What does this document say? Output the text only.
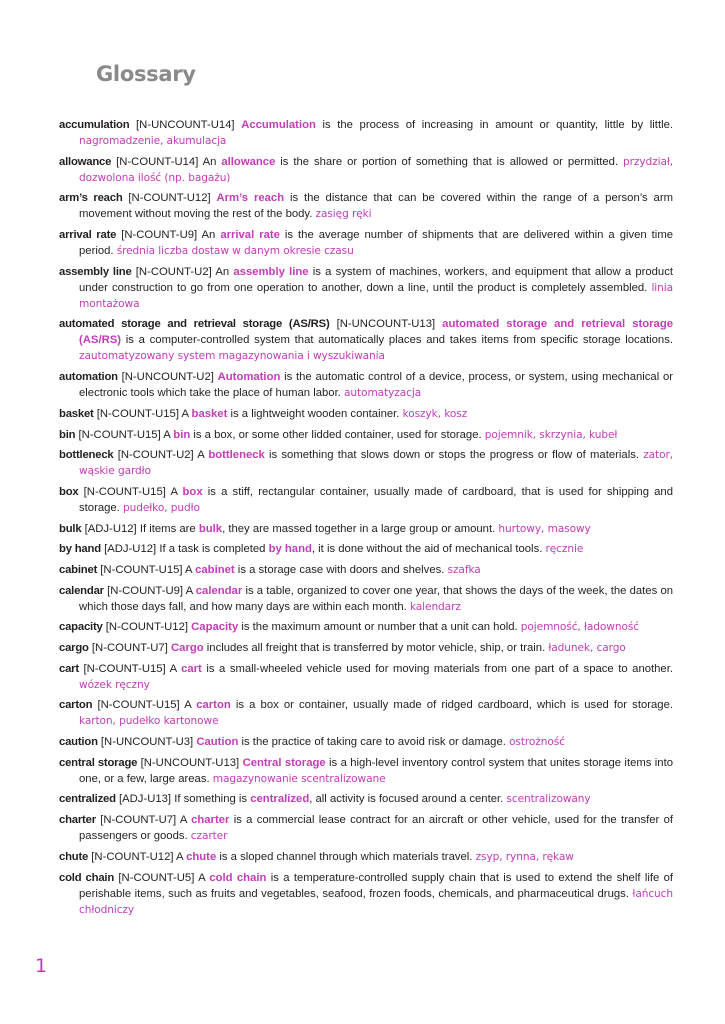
Glossary

accumulation [N-UNCOUNT-U14] Accumulation is the process of increasing in amount or quantity, little by little. nagromadzenie, akumulacja

allowance [N-COUNT-U14] An allowance is the share or portion of something that is allowed or permitted. przydział, dozwolona ilość (np. bagażu)

arm’s reach [N-COUNT-U12] Arm’s reach is the distance that can be covered within the range of a person’s arm movement without moving the rest of the body. zasięg ręki

arrival rate [N-COUNT-U9] An arrival rate is the average number of shipments that are delivered within a given time period. średnia liczba dostaw w danym okresie czasu

assembly line [N-COUNT-U2] An assembly line is a system of machines, workers, and equipment that allow a product under construction to go from one operation to another, down a line, until the product is completely assembled. linia montażowa

automated storage and retrieval storage (AS/RS) [N-UNCOUNT-U13] automated storage and retrieval storage (AS/RS) is a computer-controlled system that automatically places and takes items from specific storage locations. zautomatyzowany system magazynowania i wyszukiwania

automation [N-UNCOUNT-U2] Automation is the automatic control of a device, process, or system, using mechanical or electronic tools which take the place of human labor. automatyzacja

basket [N-COUNT-U15] A basket is a lightweight wooden container. koszyk, kosz

bin [N-COUNT-U15] A bin is a box, or some other lidded container, used for storage. pojemnik, skrzynia, kubeł

bottleneck [N-COUNT-U2] A bottleneck is something that slows down or stops the progress or flow of materials. zator, wąskie gardło

box [N-COUNT-U15] A box is a stiff, rectangular container, usually made of cardboard, that is used for shipping and storage. pudełko, pudło

bulk [ADJ-U12] If items are bulk, they are massed together in a large group or amount. hurtowy, masowy

by hand [ADJ-U12] If a task is completed by hand, it is done without the aid of mechanical tools. ręcznie

cabinet [N-COUNT-U15] A cabinet is a storage case with doors and shelves. szafka

calendar [N-COUNT-U9] A calendar is a table, organized to cover one year, that shows the days of the week, the dates on which those days fall, and how many days are within each month. kalendarz

capacity [N-COUNT-U12] Capacity is the maximum amount or number that a unit can hold. pojemność, ładowność

cargo [N-COUNT-U7] Cargo includes all freight that is transferred by motor vehicle, ship, or train. ładunek, cargo

cart [N-COUNT-U15] A cart is a small-wheeled vehicle used for moving materials from one part of a space to another. wózek ręczny

carton [N-COUNT-U15] A carton is a box or container, usually made of ridged cardboard, which is used for storage. karton, pudełko kartonowe

caution [N-UNCOUNT-U3] Caution is the practice of taking care to avoid risk or damage. ostrożność

central storage [N-UNCOUNT-U13] Central storage is a high-level inventory control system that unites storage items into one, or a few, large areas. magazynowanie scentralizowane

centralized [ADJ-U13] If something is centralized, all activity is focused around a center. scentralizowany

charter [N-COUNT-U7] A charter is a commercial lease contract for an aircraft or other vehicle, used for the transfer of passengers or goods. czarter

chute [N-COUNT-U12] A chute is a sloped channel through which materials travel. zsyp, rynna, rękaw

cold chain [N-COUNT-U5] A cold chain is a temperature-controlled supply chain that is used to extend the shelf life of perishable items, such as fruits and vegetables, seafood, frozen foods, chemicals, and pharmaceutical drugs. łańcuch chłodniczy

1
